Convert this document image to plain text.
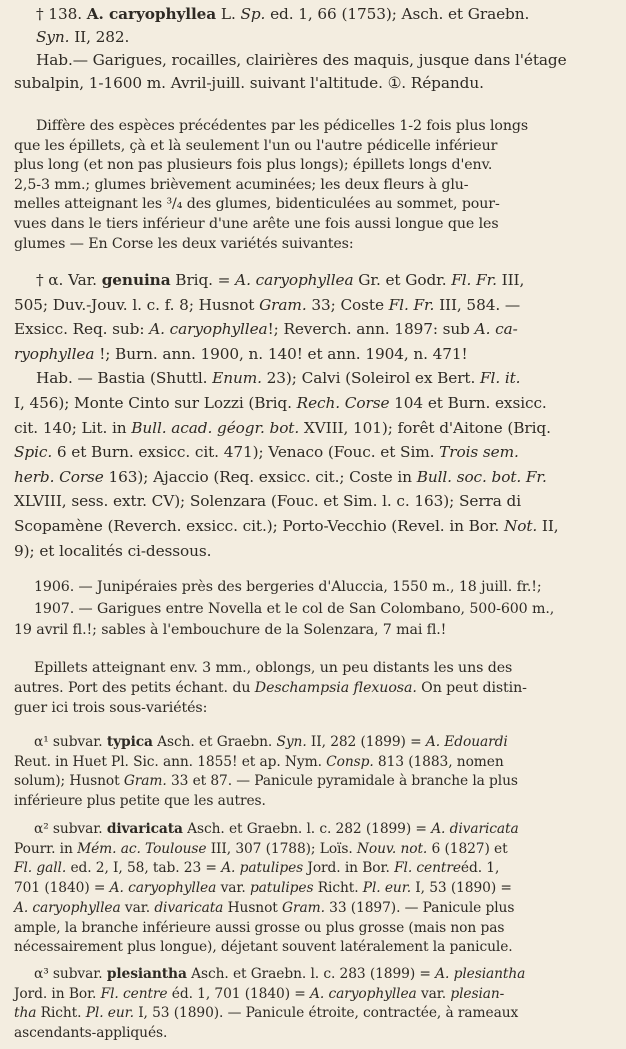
† 138. A. caryophyllea L. Sp. ed. 1, 66 (1753); Asch. et Graebn.
Syn. II, 282.
Hab.— Garigues, rocailles, clairières des maquis, jusque dans l'étage
subalpin, 1-1600 m. Avril-juill. suivant l'altitude. ①. Répandu.
Diffère des espèces précédentes par les pédicelles 1-2 fois plus longs
que les épillets, çà et là seulement l'un ou l'autre pédicelle inférieur
plus long (et non pas plusieurs fois plus longs); épillets longs d'env.
2,5-3 mm.; glumes brièvement acuminées; les deux fleurs à glu-
melles atteignant les ³/₄ des glumes, bidenticulées au sommet, pour-
vues dans le tiers inférieur d'une arête une fois aussi longue que les
glumes — En Corse les deux variétés suivantes:
† α. Var. genuina Briq. = A. caryophyllea Gr. et Godr. Fl. Fr. III,
505; Duv.-Jouv. l. c. f. 8; Husnot Gram. 33; Coste Fl. Fr. III, 584. —
Exsicc. Req. sub: A. caryophyllea!; Reverch. ann. 1897: sub A. ca-
ryophyllea !; Burn. ann. 1900, n. 140! et ann. 1904, n. 471!
Hab. — Bastia (Shuttl. Enum. 23); Calvi (Soleirol ex Bert. Fl. it.
I, 456); Monte Cinto sur Lozzi (Briq. Rech. Corse 104 et Burn. exsicc.
cit. 140; Lit. in Bull. acad. géogr. bot. XVIII, 101); forêt d'Aitone (Briq.
Spic. 6 et Burn. exsicc. cit. 471); Venaco (Fouc. et Sim. Trois sem.
herb. Corse 163); Ajaccio (Req. exsicc. cit.; Coste in Bull. soc. bot. Fr.
XLVIII, sess. extr. CV); Solenzara (Fouc. et Sim. l. c. 163); Serra di
Scopamène (Reverch. exsicc. cit.); Porto-Vecchio (Revel. in Bor. Not. II,
9); et localités ci-dessous.
1906. — Junipéraies près des bergeries d'Aluccia, 1550 m., 18 juill. fr.!;
1907. — Garigues entre Novella et le col de San Colombano, 500-600 m.,
19 avril fl.!; sables à l'embouchure de la Solenzara, 7 mai fl.!
Epillets atteignant env. 3 mm., oblongs, un peu distants les uns des
autres. Port des petits échant. du Deschampsia flexuosa. On peut distin-
guer ici trois sous-variétés:
α¹ subvar. typica Asch. et Graebn. Syn. II, 282 (1899) = A. Edouardi
Reut. in Huet Pl. Sic. ann. 1855! et ap. Nym. Consp. 813 (1883, nomen
solum); Husnot Gram. 33 et 87. — Panicule pyramidale à branche la plus
inférieure plus petite que les autres.
α² subvar. divaricata Asch. et Graebn. l. c. 282 (1899) = A. divaricata
Pourr. in Mém. ac. Toulouse III, 307 (1788); Loïs. Nouv. not. 6 (1827) et
Fl. gall. ed. 2, I, 58, tab. 23 = A. patulipes Jord. in Bor. Fl. centreéd. 1,
701 (1840) = A. caryophyllea var. patulipes Richt. Pl. eur. I, 53 (1890) =
A. caryophyllea var. divaricata Husnot Gram. 33 (1897). — Panicule plus
ample, la branche inférieure aussi grosse ou plus grosse (mais non pas
nécessairement plus longue), déjetant souvent latéralement la panicule.
α³ subvar. plesiantha Asch. et Graebn. l. c. 283 (1899) = A. plesiantha
Jord. in Bor. Fl. centre éd. 1, 701 (1840) = A. caryophyllea var. plesian-
tha Richt. Pl. eur. I, 53 (1890). — Panicule étroite, contractée, à rameaux
ascendants-appliqués.
